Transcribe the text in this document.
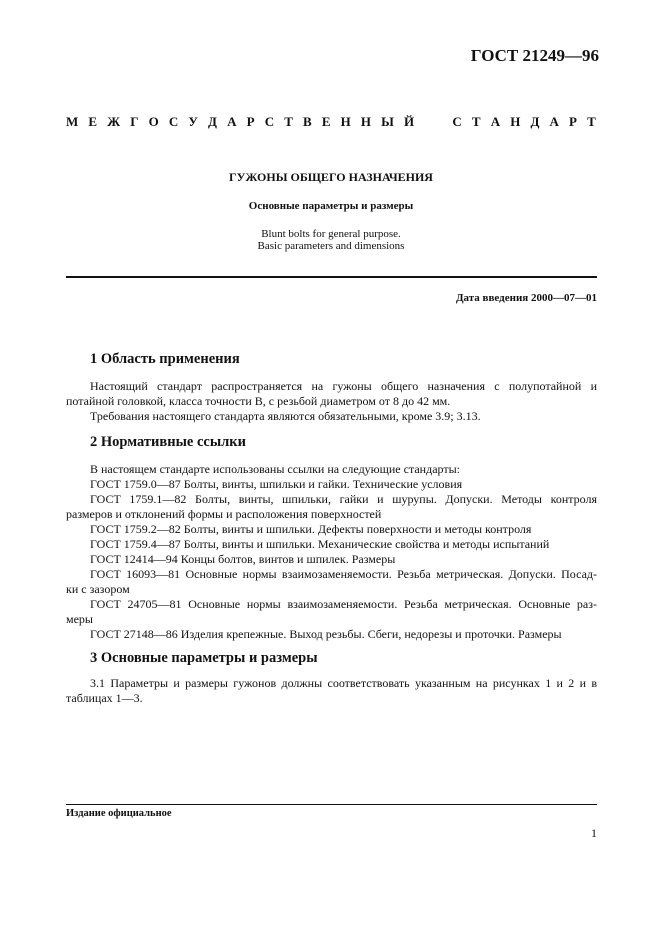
ГОСТ 21249—96
М Е Ж Г О С У Д А Р С Т В Е Н Н Ы Й	С Т А Н Д А Р Т
ГУЖОНЫ ОБЩЕГО НАЗНАЧЕНИЯ
Основные параметры и размеры
Blunt bolts for general purpose.
Basic parameters and dimensions
Дата введения 2000—07—01
1 Область применения
Настоящий стандарт распространяется на гужоны общего назначения с полупотайной и
потайной головкой, класса точности В, с резьбой диаметром от 8 до 42 мм.
Требования настоящего стандарта являются обязательными, кроме 3.9; 3.13.
2 Нормативные ссылки
В настоящем стандарте использованы ссылки на следующие стандарты:
ГОСТ 1759.0—87 Болты, винты, шпильки и гайки. Технические условия
ГОСТ 1759.1—82 Болты, винты, шпильки, гайки и шурупы. Допуски. Методы контроля
размеров и отклонений формы и расположения поверхностей
ГОСТ 1759.2—82 Болты, винты и шпильки. Дефекты поверхности и методы контроля
ГОСТ 1759.4—87 Болты, винты и шпильки. Механические свойства и методы испытаний
ГОСТ 12414—94 Концы болтов, винтов и шпилек. Размеры
ГОСТ 16093—81 Основные нормы взаимозаменяемости. Резьба метрическая. Допуски. Посад-
ки с зазором
ГОСТ 24705—81 Основные нормы взаимозаменяемости. Резьба метрическая. Основные раз-
меры
ГОСТ 27148—86 Изделия крепежные. Выход резьбы. Сбеги, недорезы и проточки. Размеры
3 Основные параметры и размеры
3.1 Параметры и размеры гужонов должны соответствовать указанным на рисунках 1 и 2 и в
таблицах 1—3.
Издание официальное
1
